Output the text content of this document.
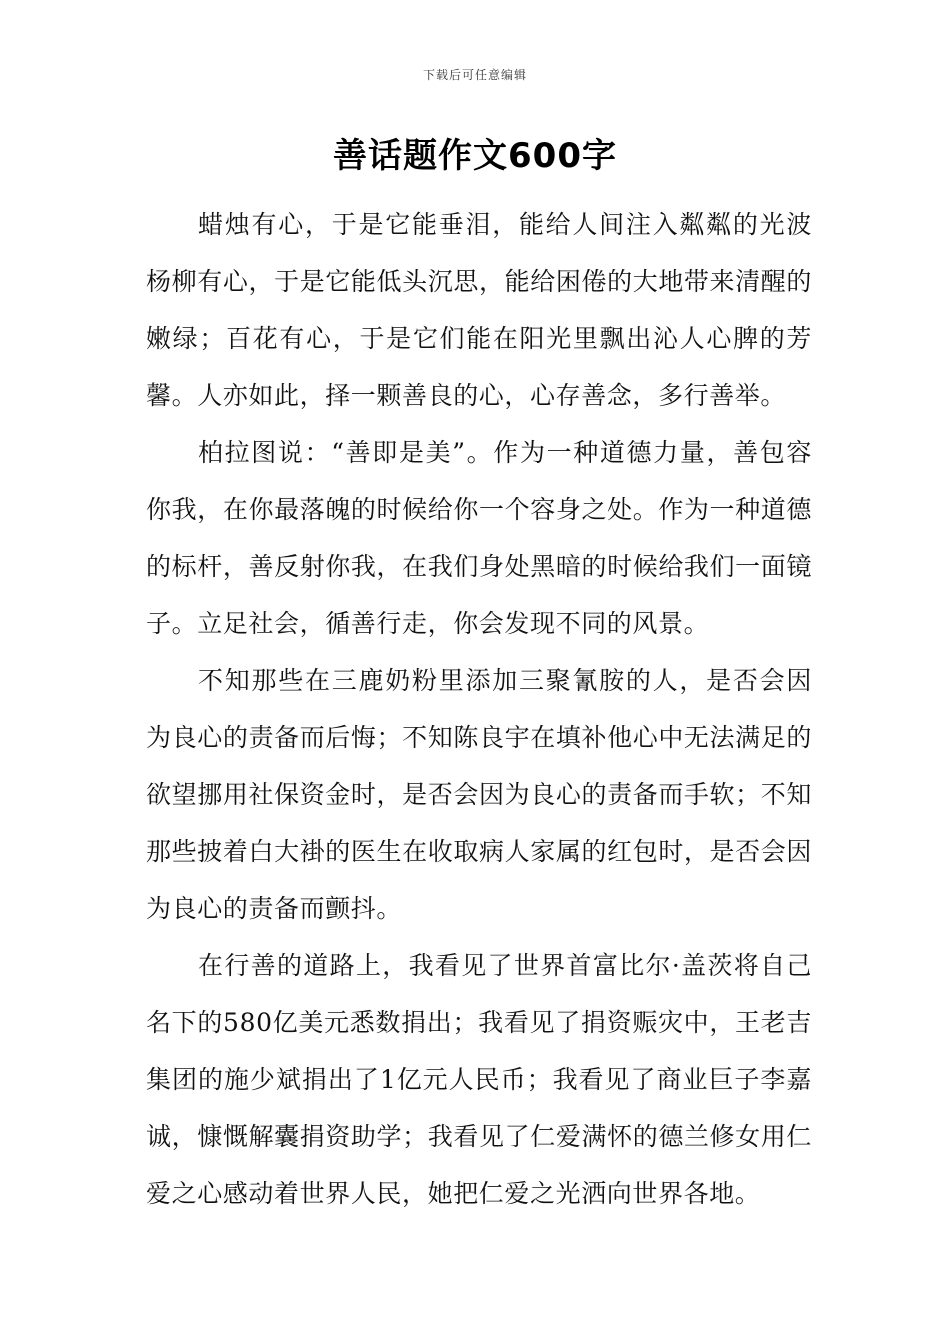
下载后可任意编辑
善话题作文600字

蜡烛有心，于是它能垂泪，能给人间注入粼粼的光波杨柳有心，于是它能低头沉思，能给困倦的大地带来清醒的嫩绿；百花有心，于是它们能在阳光里飘出沁人心脾的芳馨。人亦如此，择一颗善良的心，心存善念，多行善举。

柏拉图说：“善即是美”。作为一种道德力量，善包容你我，在你最落魄的时候给你一个容身之处。作为一种道德的标杆，善反射你我，在我们身处黑暗的时候给我们一面镜子。立足社会，循善行走，你会发现不同的风景。

不知那些在三鹿奶粉里添加三聚氰胺的人，是否会因为良心的责备而后悔；不知陈良宇在填补他心中无法满足的欲望挪用社保资金时，是否会因为良心的责备而手软；不知那些披着白大褂的医生在收取病人家属的红包时，是否会因为良心的责备而颤抖。

在行善的道路上，我看见了世界首富比尔·盖茨将自己名下的580亿美元悉数捐出；我看见了捐资赈灾中，王老吉集团的施少斌捐出了1亿元人民币；我看见了商业巨子李嘉诚，慷慨解囊捐资助学；我看见了仁爱满怀的德兰修女用仁爱之心感动着世界人民，她把仁爱之光洒向世界各地。
